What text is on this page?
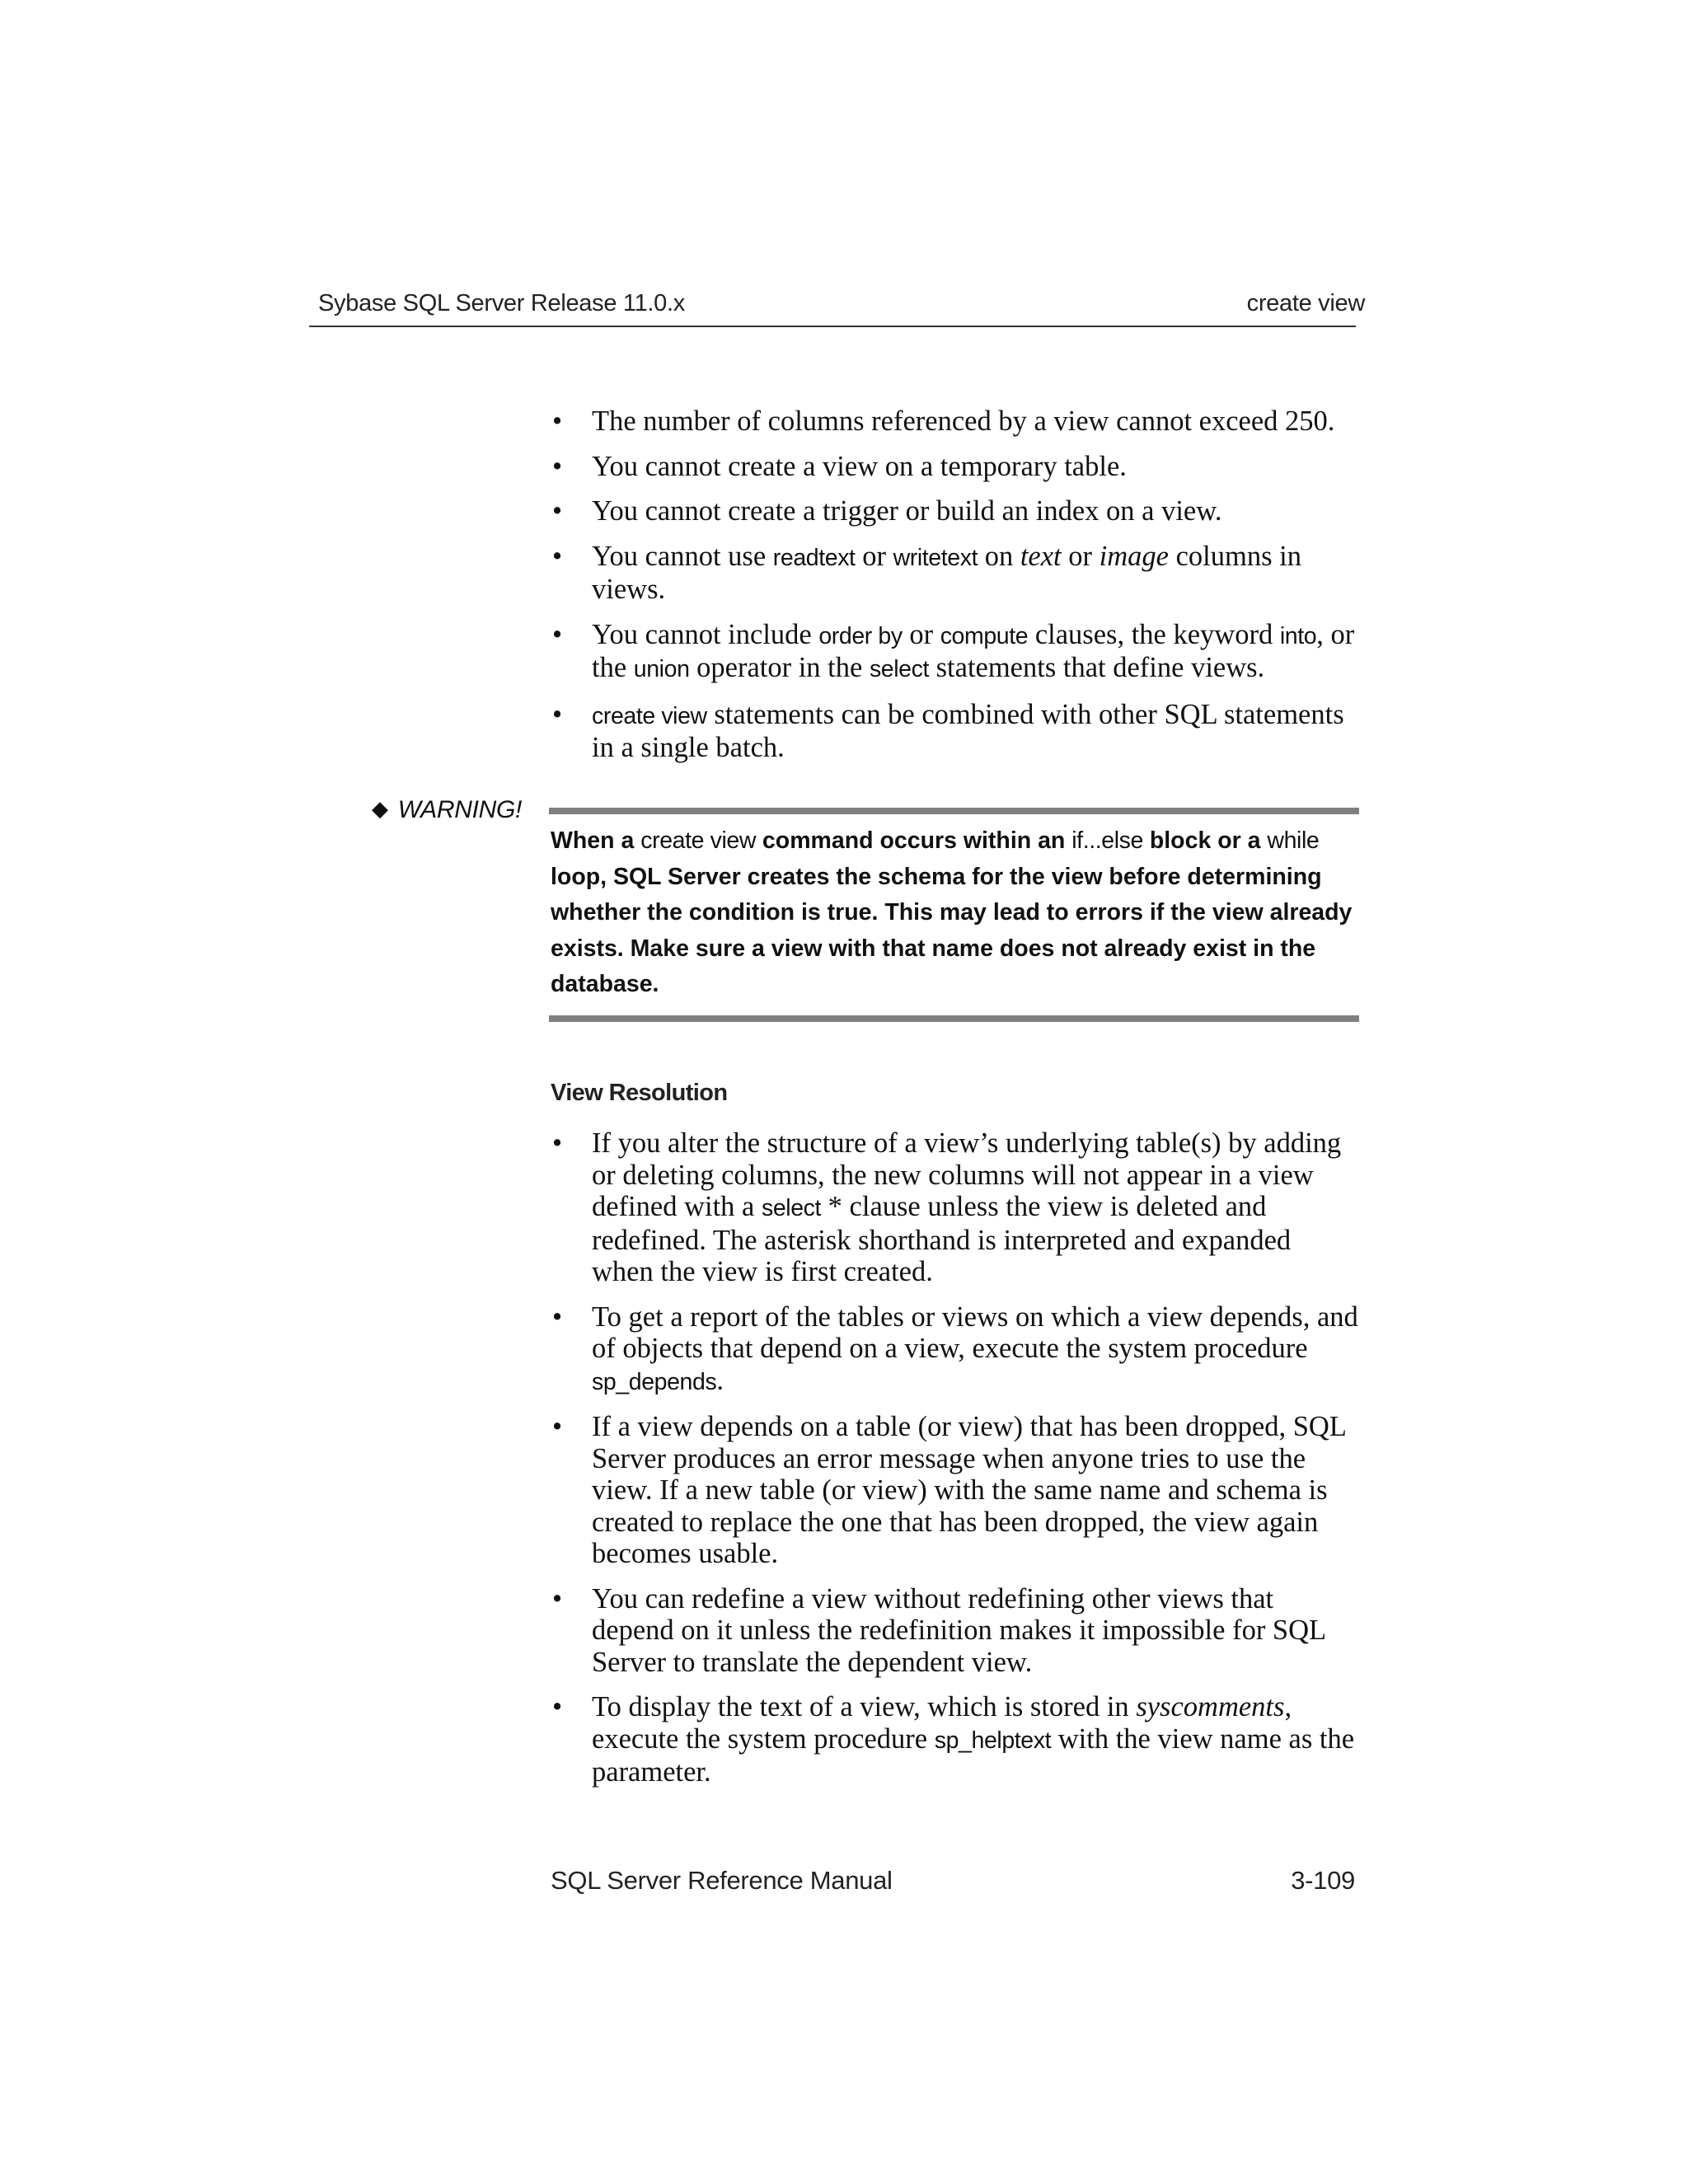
Sybase SQL Server Release 11.0.x	create view
• The number of columns referenced by a view cannot exceed 250.
• You cannot create a view on a temporary table.
• You cannot create a trigger or build an index on a view.
• You cannot use readtext or writetext on text or image columns in views.
• You cannot include order by or compute clauses, the keyword into, or the union operator in the select statements that define views.
• create view statements can be combined with other SQL statements in a single batch.
◆ WARNING!
When a create view command occurs within an if...else block or a while loop, SQL Server creates the schema for the view before determining whether the condition is true. This may lead to errors if the view already exists. Make sure a view with that name does not already exist in the database.
View Resolution
• If you alter the structure of a view’s underlying table(s) by adding or deleting columns, the new columns will not appear in a view defined with a select * clause unless the view is deleted and redefined. The asterisk shorthand is interpreted and expanded when the view is first created.
• To get a report of the tables or views on which a view depends, and of objects that depend on a view, execute the system procedure sp_depends.
• If a view depends on a table (or view) that has been dropped, SQL Server produces an error message when anyone tries to use the view. If a new table (or view) with the same name and schema is created to replace the one that has been dropped, the view again becomes usable.
• You can redefine a view without redefining other views that depend on it unless the redefinition makes it impossible for SQL Server to translate the dependent view.
• To display the text of a view, which is stored in syscomments, execute the system procedure sp_helptext with the view name as the parameter.
SQL Server Reference Manual	3-109
